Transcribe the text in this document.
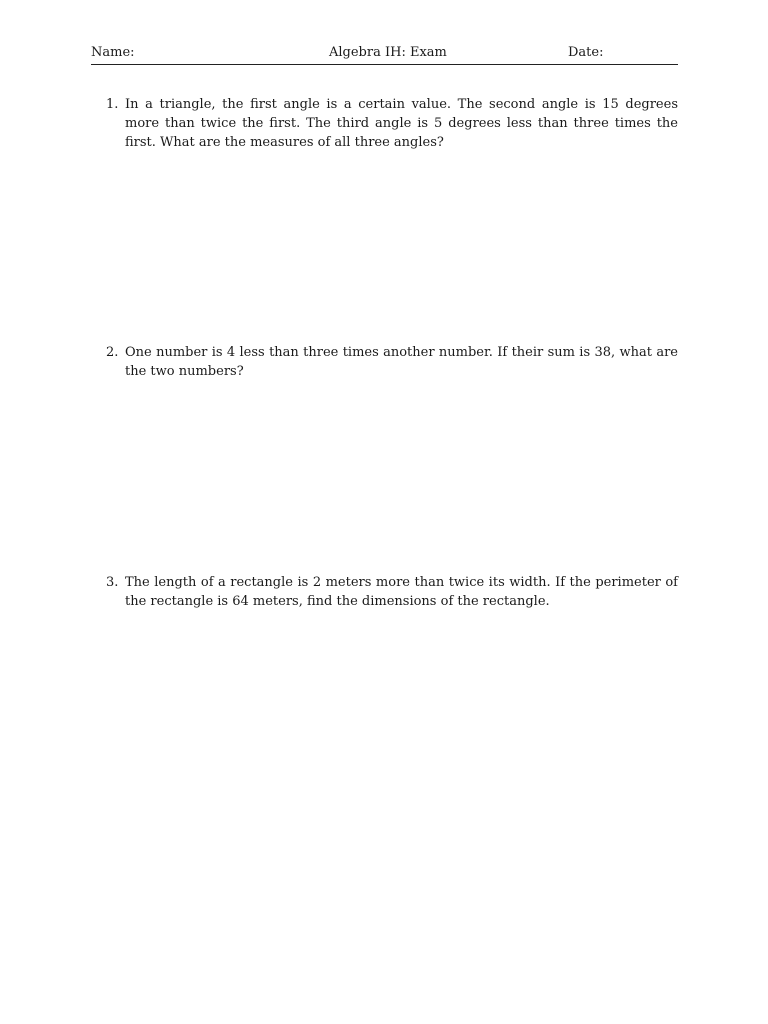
Name:	Algebra IH: Exam	Date:
1. In a triangle, the first angle is a certain value. The second angle is 15 degrees more than twice the first. The third angle is 5 degrees less than three times the first. What are the measures of all three angles?
2. One number is 4 less than three times another number. If their sum is 38, what are the two numbers?
3. The length of a rectangle is 2 meters more than twice its width. If the perimeter of the rectangle is 64 meters, find the dimensions of the rectangle.
